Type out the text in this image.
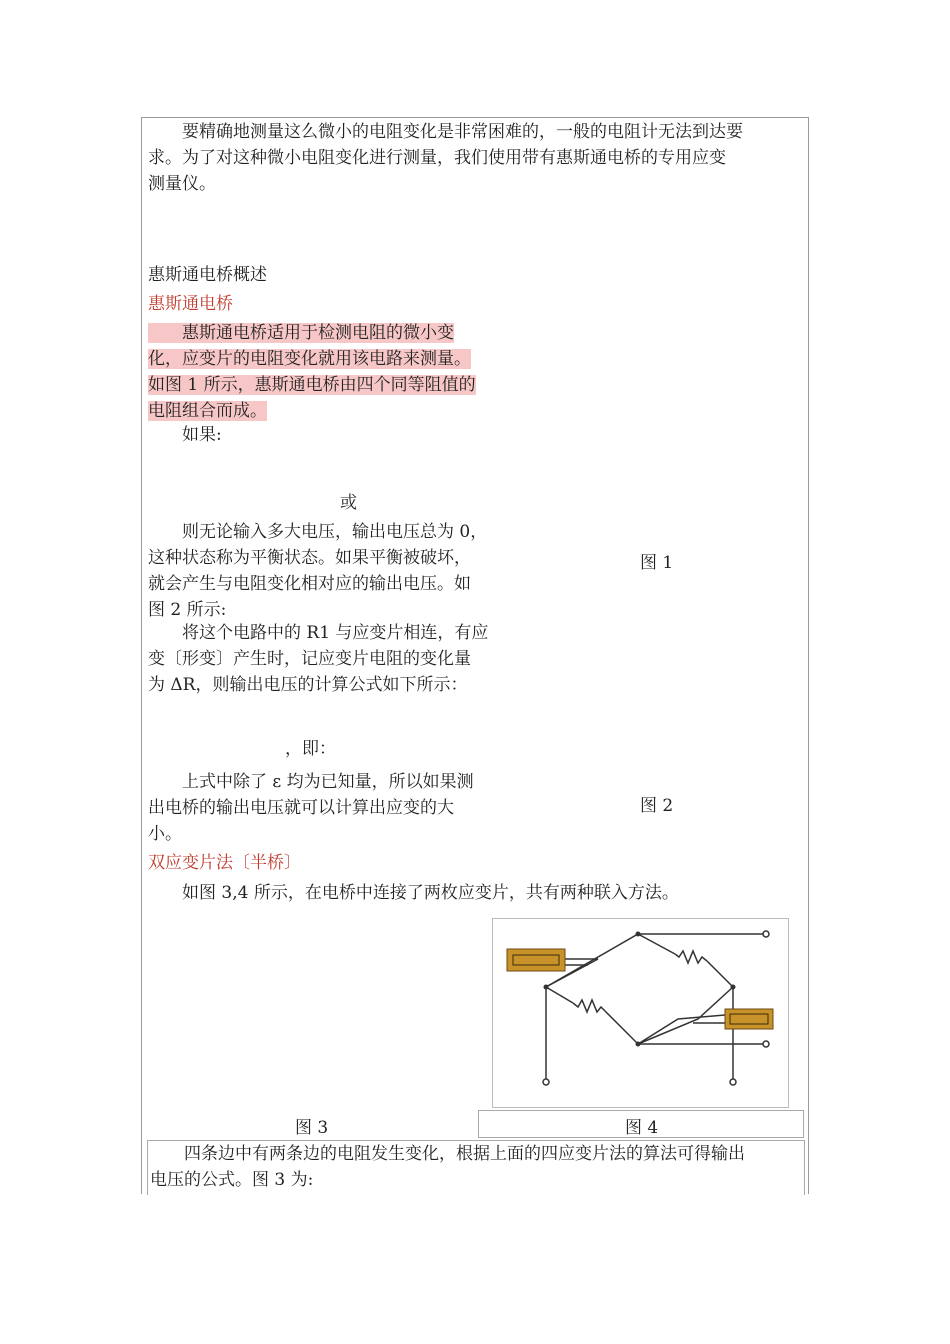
　　要精确地测量这么微小的电阻变化是非常困难的，一般的电阻计无法到达要
求。为了对这种微小电阻变化进行测量，我们使用带有惠斯通电桥的专用应变
测量仪。
惠斯通电桥概述
惠斯通电桥
　　惠斯通电桥适用于检测电阻的微小变
化，应变片的电阻变化就用该电路来测量。
如图 1 所示，惠斯通电桥由四个同等阻值的
电阻组合而成。
　　如果:
或
　　则无论输入多大电压，输出电压总为 0，
这种状态称为平衡状态。如果平衡被破坏，
就会产生与电阻变化相对应的输出电压。如
图 2 所示:
图 1
　　将这个电路中的 R1 与应变片相连，有应
变〔形变〕产生时，记应变片电阻的变化量
为 ΔR，则输出电压的计算公式如下所示：
，即：
　　上式中除了 ε 均为已知量，所以如果测
出电桥的输出电压就可以计算出应变的大
小。
图 2
双应变片法〔半桥〕
　　如图 3,4 所示，在电桥中连接了两枚应变片，共有两种联入方法。
图 3	图 4
　　四条边中有两条边的电阻发生变化，根据上面的四应变片法的算法可得输出
电压的公式。图 3 为:
